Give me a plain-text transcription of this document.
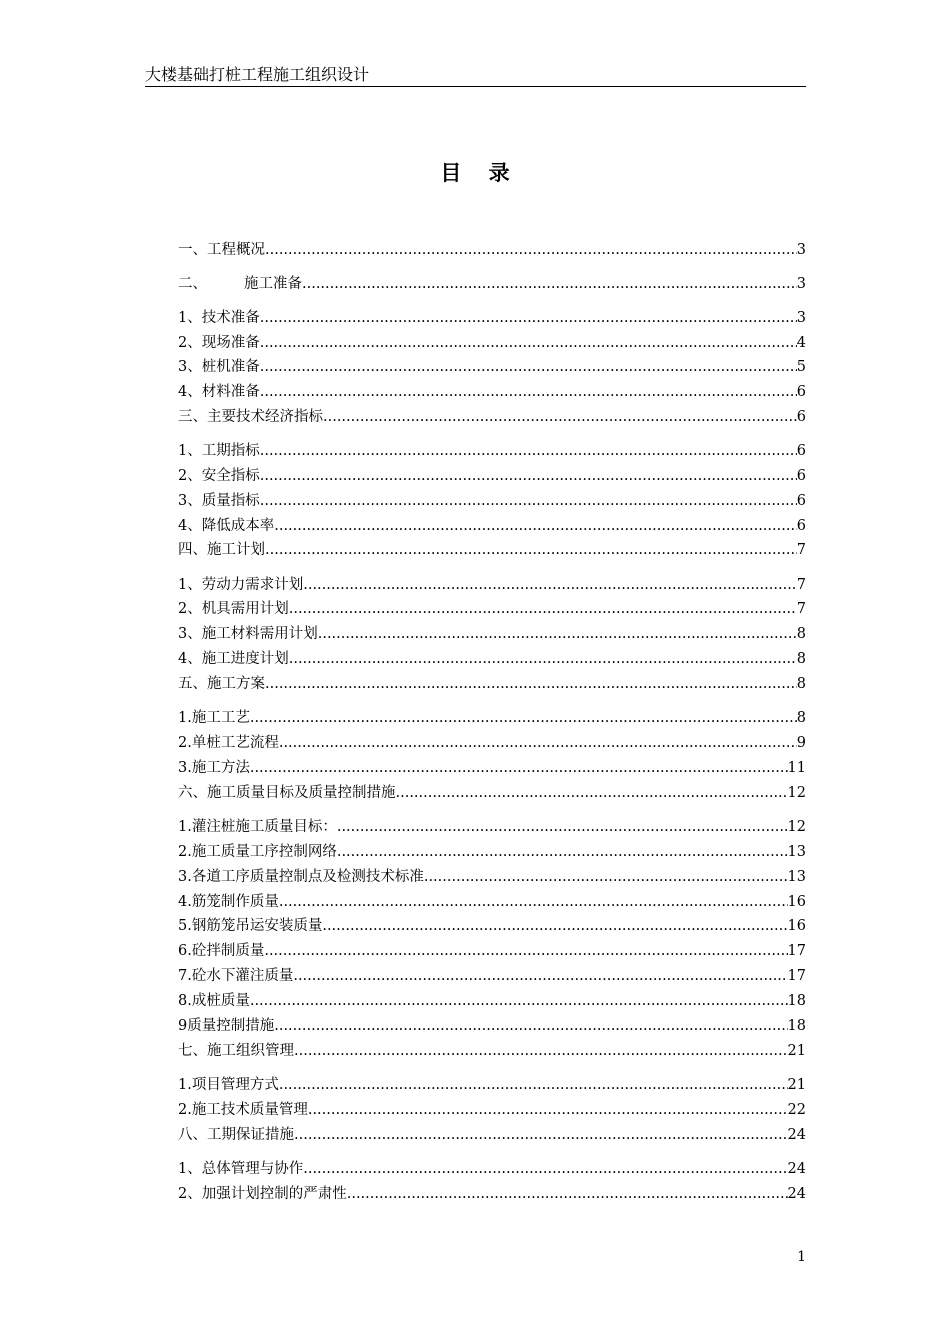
大楼基础打桩工程施工组织设计
目 录
一、工程概况 .....	3
二、	施工准备 .....	3
1、技术准备 .....	3
2、现场准备 .....	4
3、桩机准备 .....	5
4、材料准备 .....	6
三、主要技术经济指标 .....	6
1、工期指标 .....	6
2、安全指标 .....	6
3、质量指标 .....	6
4、降低成本率 .....	6
四、施工计划 .....	7
1、劳动力需求计划 .....	7
2、机具需用计划 .....	7
3、施工材料需用计划 .....	8
4、施工进度计划 .....	8
五、施工方案 .....	8
1.施工工艺 .....	8
2.单桩工艺流程 .....	9
3.施工方法 .....	11
六、施工质量目标及质量控制措施 .....	12
1.灌注桩施工质量目标： .....	12
2.施工质量工序控制网络 .....	13
3.各道工序质量控制点及检测技术标准 .....	13
4.筋笼制作质量 .....	16
5.钢筋笼吊运安装质量 .....	16
6.砼拌制质量 .....	17
7.砼水下灌注质量 .....	17
8.成桩质量 .....	18
9质量控制措施 .....	18
七、施工组织管理 .....	21
1.项目管理方式 .....	21
2.施工技术质量管理 .....	22
八、工期保证措施 .....	24
1、总体管理与协作 .....	24
2、加强计划控制的严肃性 .....	24
1
